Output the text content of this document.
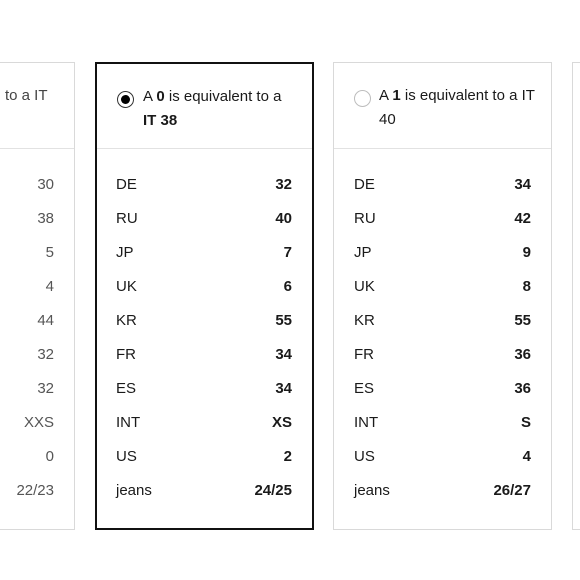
to a IT
30
38
5
4
44
32
32
XXS
0
22/23
A 0 is equivalent to a
IT 38
DE	32
RU	40
JP	7
UK	6
KR	55
FR	34
ES	34
INT	XS
US	2
jeans	24/25
A 1 is equivalent to a IT
40
DE	34
RU	42
JP	9
UK	8
KR	55
FR	36
ES	36
INT	S
US	4
jeans	26/27
